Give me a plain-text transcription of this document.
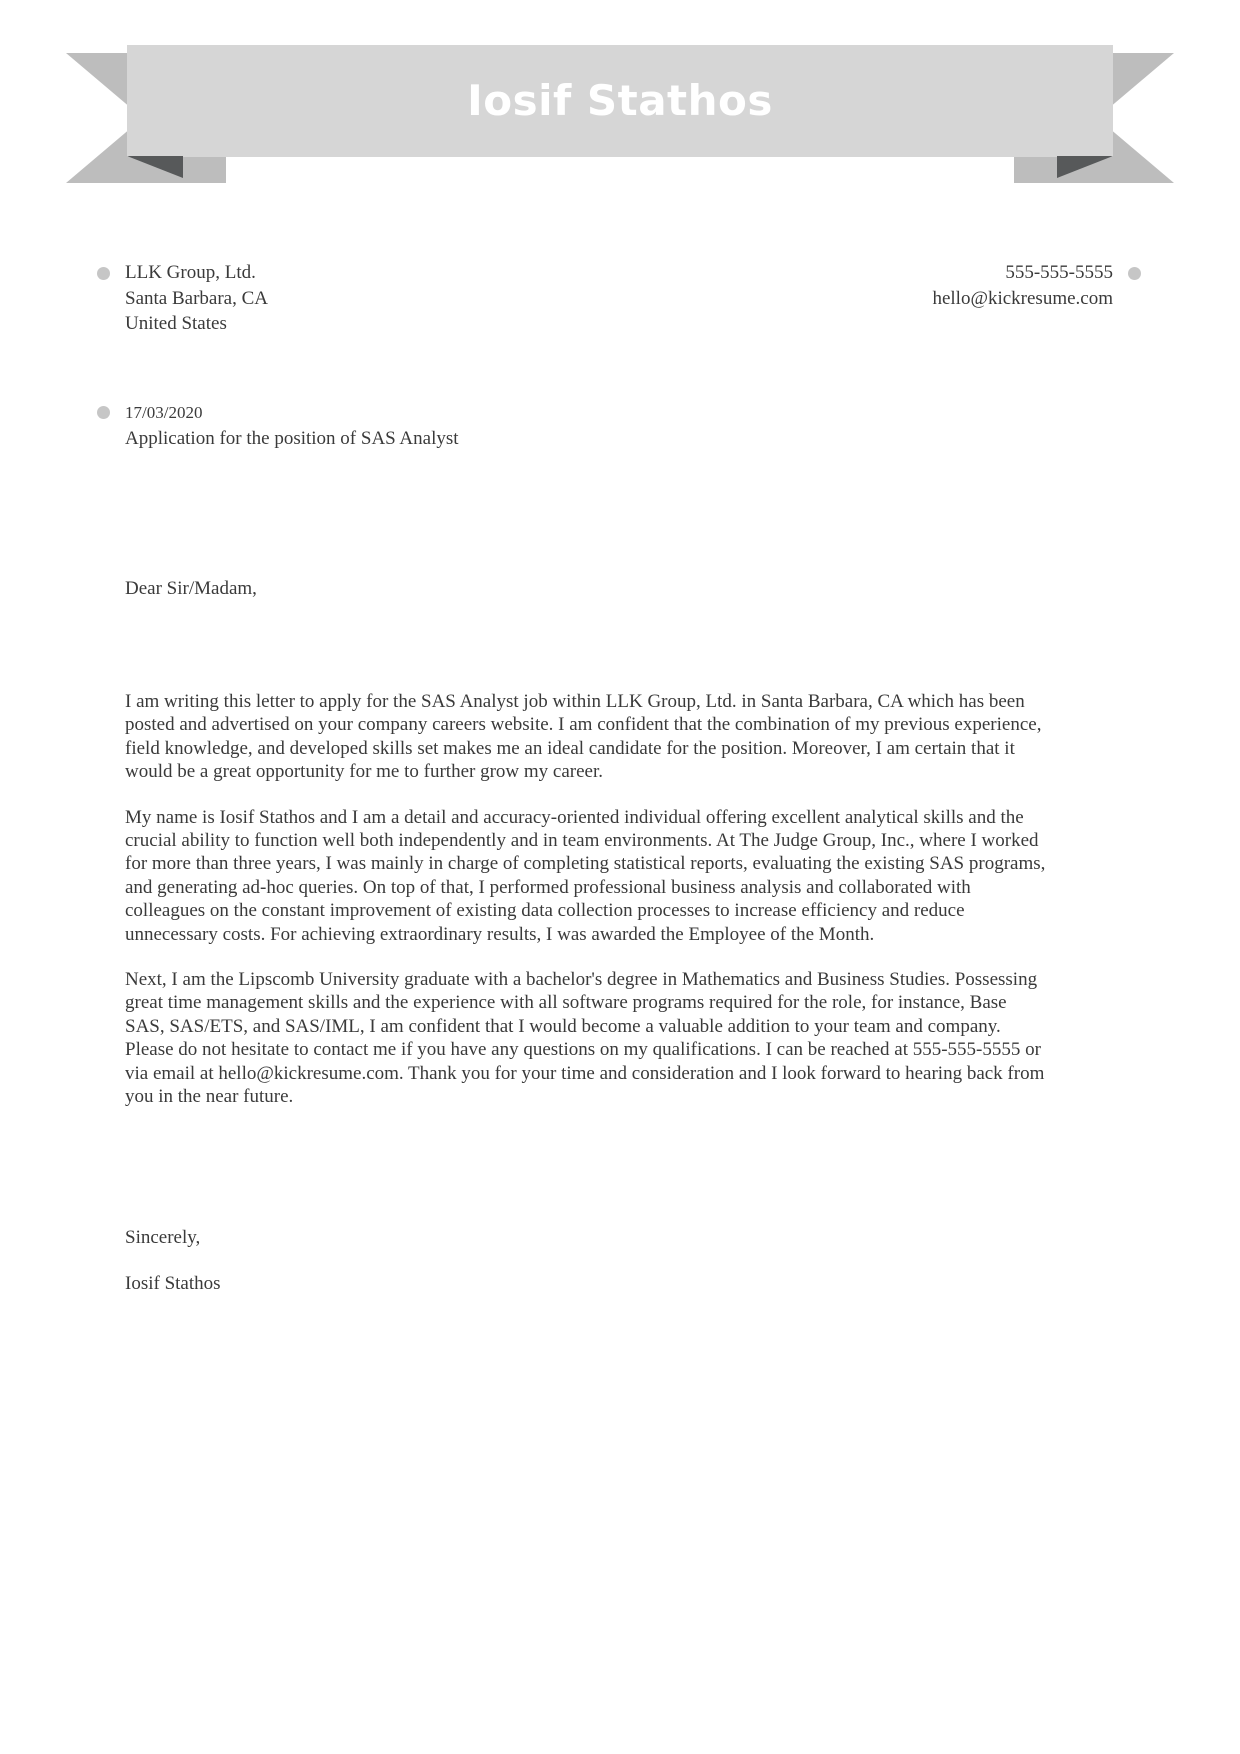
Iosif Stathos
LLK Group, Ltd.
Santa Barbara, CA
United States
555-555-5555
hello@kickresume.com
17/03/2020
Application for the position of SAS Analyst
Dear Sir/Madam,

I am writing this letter to apply for the SAS Analyst job within LLK Group, Ltd. in Santa Barbara, CA which has been posted and advertised on your company careers website. I am confident that the combination of my previous experience, field knowledge, and developed skills set makes me an ideal candidate for the position. Moreover, I am certain that it would be a great opportunity for me to further grow my career.

My name is Iosif Stathos and I am a detail and accuracy-oriented individual offering excellent analytical skills and the crucial ability to function well both independently and in team environments. At The Judge Group, Inc., where I worked for more than three years, I was mainly in charge of completing statistical reports, evaluating the existing SAS programs, and generating ad-hoc queries. On top of that, I performed professional business analysis and collaborated with colleagues on the constant improvement of existing data collection processes to increase efficiency and reduce unnecessary costs. For achieving extraordinary results, I was awarded the Employee of the Month.

Next, I am the Lipscomb University graduate with a bachelor's degree in Mathematics and Business Studies. Possessing great time management skills and the experience with all software programs required for the role, for instance, Base SAS, SAS/ETS, and SAS/IML, I am confident that I would become a valuable addition to your team and company. Please do not hesitate to contact me if you have any questions on my qualifications. I can be reached at 555-555-5555 or via email at hello@kickresume.com. Thank you for your time and consideration and I look forward to hearing back from you in the near future.

Sincerely,
Iosif Stathos
